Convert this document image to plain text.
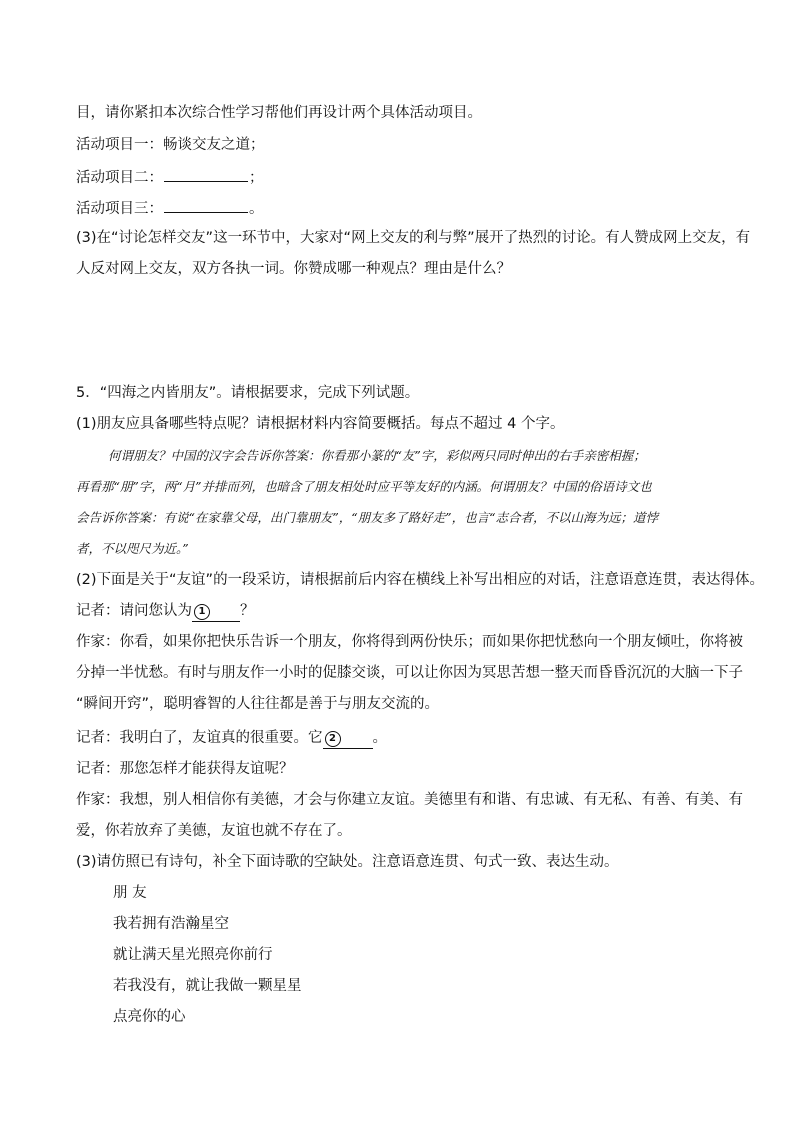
目，请你紧扣本次综合性学习帮他们再设计两个具体活动项目。
活动项目一：畅谈交友之道；
活动项目二：	；
活动项目三：	。
(3)在“讨论怎样交友”这一环节中，大家对“网上交友的利与弊”展开了热烈的讨论。有人赞成网上交友，有
人反对网上交友，双方各执一词。你赞成哪一种观点？理由是什么？
5．“四海之内皆朋友”。请根据要求，完成下列试题。
(1)朋友应具备哪些特点呢？请根据材料内容简要概括。每点不超过 4 个字。
何谓朋友？中国的汉字会告诉你答案：你看那小篆的“友”字，彩似两只同时伸出的右手亲密相握；
再看那“朋”字，两“月”并排而列，也暗含了朋友相处时应平等友好的内涵。何谓朋友？中国的俗语诗文也
会告诉你答案：有说“在家靠父母，出门靠朋友”，“朋友多了路好走”，也言“志合者，不以山海为远；道悖
者，不以咫尺为近。”
(2)下面是关于“友谊”的一段采访，请根据前后内容在横线上补写出相应的对话，注意语意连贯，表达得体。
记者：请问您认为 1 ？
作家：你看，如果你把快乐告诉一个朋友，你将得到两份快乐；而如果你把忧愁向一个朋友倾吐，你将被
分掉一半忧愁。有时与朋友作一小时的促膝交谈，可以让你因为冥思苦想一整天而昏昏沉沉的大脑一下子
“瞬间开窍”，聪明睿智的人往往都是善于与朋友交流的。
记者：我明白了，友谊真的很重要。它 2	。
记者：那您怎样才能获得友谊呢？
作家：我想，别人相信你有美德，才会与你建立友谊。美德里有和谐、有忠诚、有无私、有善、有美、有
爱，你若放弃了美德，友谊也就不存在了。
(3)请仿照已有诗句，补全下面诗歌的空缺处。注意语意连贯、句式一致、表达生动。
朋 友
我若拥有浩瀚星空
就让满天星光照亮你前行
若我没有，就让我做一颗星星
点亮你的心
